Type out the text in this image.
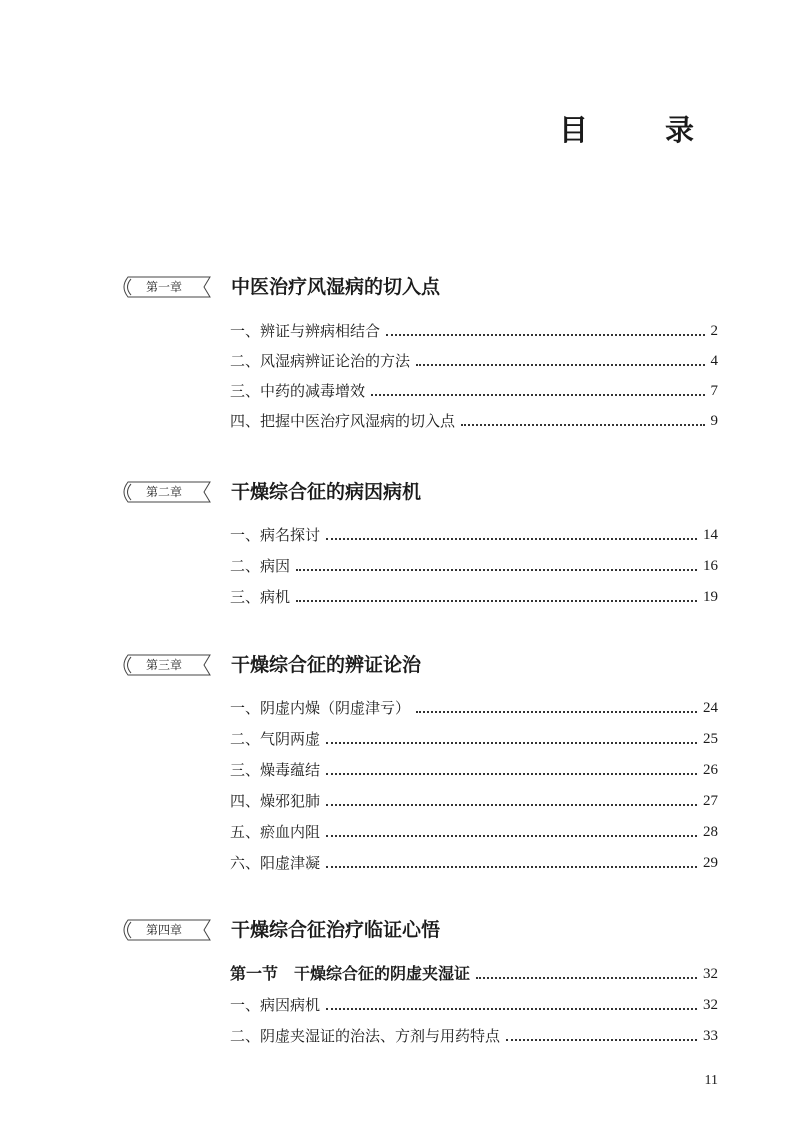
目　录
第一章	中医治疗风湿病的切入点
一、辨证与辨病相结合	2
二、风湿病辨证论治的方法	4
三、中药的减毒增效	7
四、把握中医治疗风湿病的切入点	9
第二章	干燥综合征的病因病机
一、病名探讨	14
二、病因	16
三、病机	19
第三章	干燥综合征的辨证论治
一、阴虚内燥（阴虚津亏）	24
二、气阴两虚	25
三、燥毒蕴结	26
四、燥邪犯肺	27
五、瘀血内阻	28
六、阳虚津凝	29
第四章	干燥综合征治疗临证心悟
第一节　干燥综合征的阴虚夹湿证	32
一、病因病机	32
二、阴虚夹湿证的治法、方剂与用药特点	33
11
